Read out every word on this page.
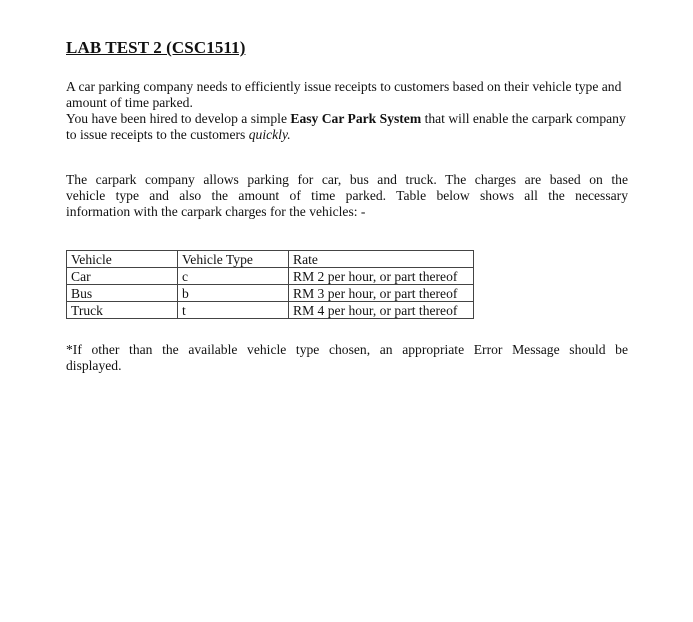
LAB TEST 2 (CSC1511)

A car parking company needs to efficiently issue receipts to customers based on their vehicle type and amount of time parked.

You have been hired to develop a simple Easy Car Park System that will enable the carpark company to issue receipts to the customers quickly.

The carpark company allows parking for car, bus and truck. The charges are based on the
vehicle type and also the amount of time parked. Table below shows all the necessary
information with the carpark charges for the vehicles: -

Vehicle	Vehicle Type	Rate
Car	c	RM 2 per hour, or part thereof
Bus	b	RM 3 per hour, or part thereof
Truck	t	RM 4 per hour, or part thereof

*If other than the available vehicle type chosen, an appropriate Error Message should be
displayed.
